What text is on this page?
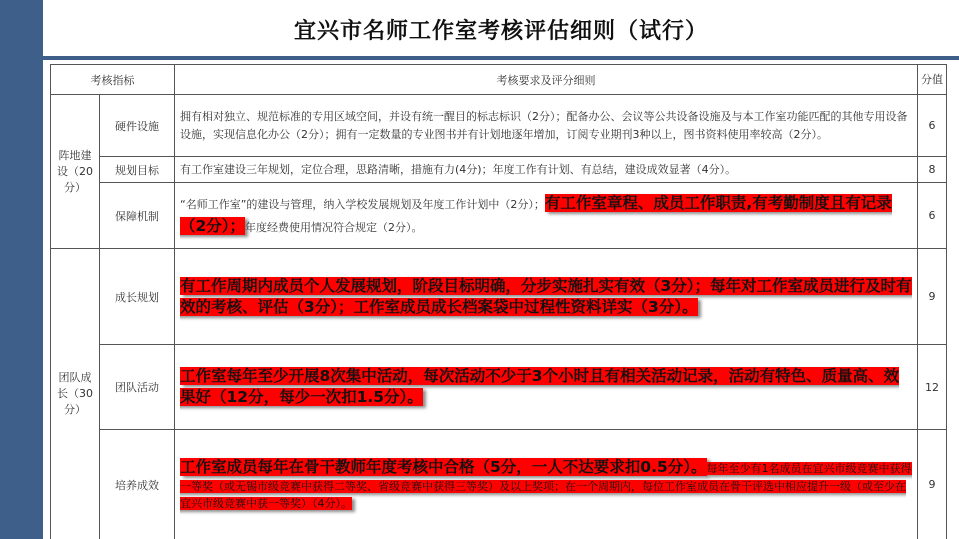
宜兴市名师工作室考核评估细则（试行）
考核指标		考核要求及评分细则	分值
阵地建设（20分）	硬件设施	拥有相对独立、规范标准的专用区域空间，并设有统一醒目的标志标识（2分）；配备办公、会议等公共设备设施及与本工作室功能匹配的其他专用设备设施，实现信息化办公（2分）；拥有一定数量的专业图书并有计划地逐年增加，订阅专业期刊3种以上，图书资料使用率较高（2分）。	6
	规划目标	有工作室建设三年规划，定位合理，思路清晰，措施有力(4分)；年度工作有计划、有总结，建设成效显著（4分）。	8
	保障机制	“名师工作室”的建设与管理，纳入学校发展规划及年度工作计划中（2分）；有工作室章程、成员工作职责,有考勤制度且有记录（2分）；年度经费使用情况符合规定（2分）。	6
团队成长（30分）	成长规划	有工作周期内成员个人发展规划，阶段目标明确，分步实施扎实有效（3分）；每年对工作室成员进行及时有效的考核、评估（3分）；工作室成员成长档案袋中过程性资料详实（3分）。	9
	团队活动	工作室每年至少开展8次集中活动，每次活动不少于3个小时且有相关活动记录，活动有特色、质量高、效果好（12分，每少一次扣1.5分）。	12
	培养成效	工作室成员每年在骨干教师年度考核中合格（5分，一人不达要求扣0.5分）。每年至少有1名成员在宜兴市级竞赛中获得一等奖（或无锡市级竞赛中获得二等奖、省级竞赛中获得三等奖）及以上奖项；在一个周期内，每位工作室成员在骨干评选中相应提升一级（或至少在宜兴市级竞赛中获一等奖）（4分）。	9
